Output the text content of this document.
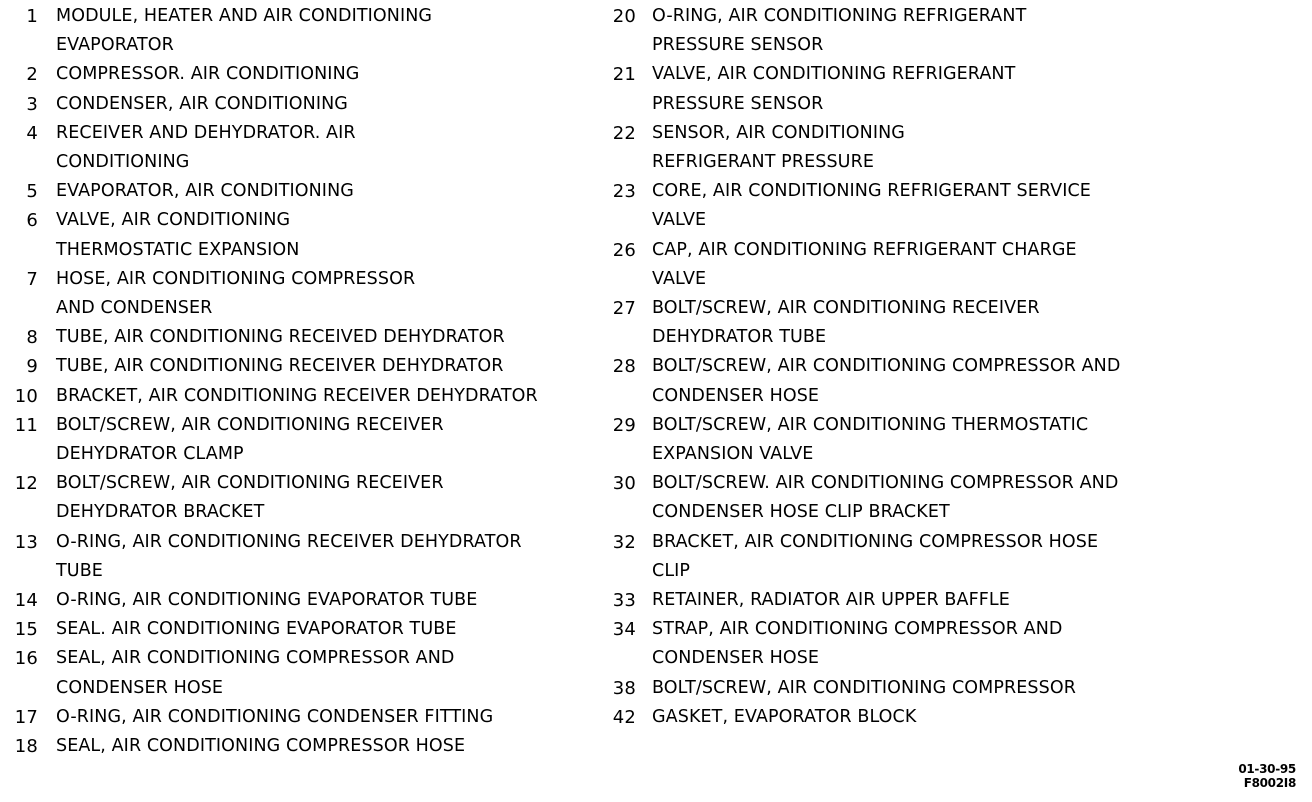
1 MODULE, HEATER AND AIR CONDITIONING
EVAPORATOR
2 COMPRESSOR. AIR CONDITIONING
3 CONDENSER, AIR CONDITIONING
4 RECEIVER AND DEHYDRATOR. AIR
CONDITIONING
5 EVAPORATOR, AIR CONDITIONING
6 VALVE, AIR CONDITIONING
THERMOSTATIC EXPANSION
7 HOSE, AIR CONDITIONING COMPRESSOR
AND CONDENSER
8 TUBE, AIR CONDITIONING RECEIVED DEHYDRATOR
9 TUBE, AIR CONDITIONING RECEIVER DEHYDRATOR
10 BRACKET, AIR CONDITIONING RECEIVER DEHYDRATOR
11 BOLT/SCREW, AIR CONDITIONING RECEIVER
DEHYDRATOR CLAMP
12 BOLT/SCREW, AIR CONDITIONING RECEIVER
DEHYDRATOR BRACKET
13 O-RING, AIR CONDITIONING RECEIVER DEHYDRATOR
TUBE
14 O-RING, AIR CONDITIONING EVAPORATOR TUBE
15 SEAL. AIR CONDITIONING EVAPORATOR TUBE
16 SEAL, AIR CONDITIONING COMPRESSOR AND
CONDENSER HOSE
17 O-RING, AIR CONDITIONING CONDENSER FITTING
18 SEAL, AIR CONDITIONING COMPRESSOR HOSE
20 O-RING, AIR CONDITIONING REFRIGERANT
PRESSURE SENSOR
21 VALVE, AIR CONDITIONING REFRIGERANT
PRESSURE SENSOR
22 SENSOR, AIR CONDITIONING
REFRIGERANT PRESSURE
23 CORE, AIR CONDITIONING REFRIGERANT SERVICE
VALVE
26 CAP, AIR CONDITIONING REFRIGERANT CHARGE
VALVE
27 BOLT/SCREW, AIR CONDITIONING RECEIVER
DEHYDRATOR TUBE
28 BOLT/SCREW, AIR CONDITIONING COMPRESSOR AND
CONDENSER HOSE
29 BOLT/SCREW, AIR CONDITIONING THERMOSTATIC
EXPANSION VALVE
30 BOLT/SCREW. AIR CONDITIONING COMPRESSOR AND
CONDENSER HOSE CLIP BRACKET
32 BRACKET, AIR CONDITIONING COMPRESSOR HOSE
CLIP
33 RETAINER, RADIATOR AIR UPPER BAFFLE
34 STRAP, AIR CONDITIONING COMPRESSOR AND
CONDENSER HOSE
38 BOLT/SCREW, AIR CONDITIONING COMPRESSOR
42 GASKET, EVAPORATOR BLOCK
01-30-95
F8002I8
